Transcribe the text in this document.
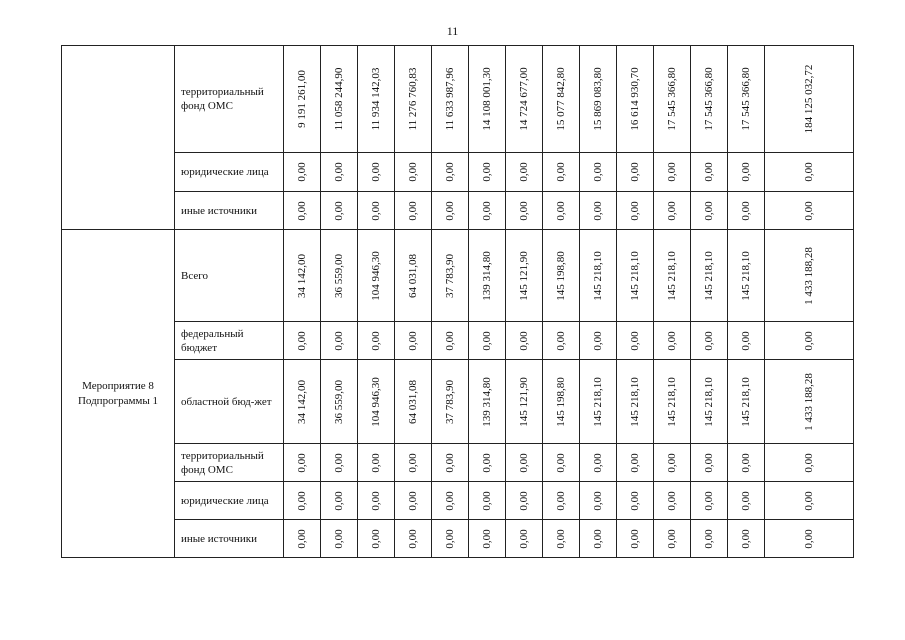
11
	территориальный фонд ОМС	9 191 261,00	11 058 244,90	11 934 142,03	11 276 760,83	11 633 987,96	14 108 001,30	14 724 677,00	15 077 842,80	15 869 083,80	16 614 930,70	17 545 366,80	17 545 366,80	17 545 366,80	184 125 032,72

	юридические лица	0,00	0,00	0,00	0,00	0,00	0,00	0,00	0,00	0,00	0,00	0,00	0,00	0,00	0,00

	иные источники	0,00	0,00	0,00	0,00	0,00	0,00	0,00	0,00	0,00	0,00	0,00	0,00	0,00	0,00

Мероприятие 8 Подпрограммы 1	Всего	34 142,00	36 559,00	104 946,30	64 031,08	37 783,90	139 314,80	145 121,90	145 198,80	145 218,10	145 218,10	145 218,10	145 218,10	145 218,10	1 433 188,28

	федеральный бюджет	0,00	0,00	0,00	0,00	0,00	0,00	0,00	0,00	0,00	0,00	0,00	0,00	0,00	0,00

	областной бюд-жет	34 142,00	36 559,00	104 946,30	64 031,08	37 783,90	139 314,80	145 121,90	145 198,80	145 218,10	145 218,10	145 218,10	145 218,10	145 218,10	1 433 188,28

	территориальный фонд ОМС	0,00	0,00	0,00	0,00	0,00	0,00	0,00	0,00	0,00	0,00	0,00	0,00	0,00	0,00

	юридические лица	0,00	0,00	0,00	0,00	0,00	0,00	0,00	0,00	0,00	0,00	0,00	0,00	0,00	0,00

	иные источники	0,00	0,00	0,00	0,00	0,00	0,00	0,00	0,00	0,00	0,00	0,00	0,00	0,00	0,00
